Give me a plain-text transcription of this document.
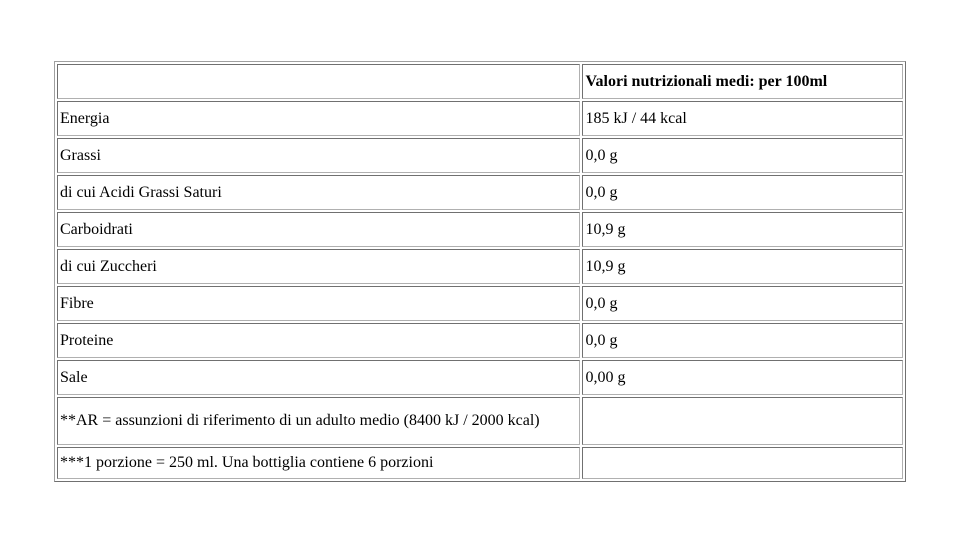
	Valori nutrizionali medi: per 100ml
Energia	185 kJ / 44 kcal
Grassi	0,0 g
di cui Acidi Grassi Saturi	0,0 g
Carboidrati	10,9 g
di cui Zuccheri	10,9 g
Fibre	0,0 g
Proteine	0,0 g
Sale	0,00 g
**AR = assunzioni di riferimento di un adulto medio (8400 kJ / 2000 kcal)	
***1 porzione = 250 ml. Una bottiglia contiene 6 porzioni	
